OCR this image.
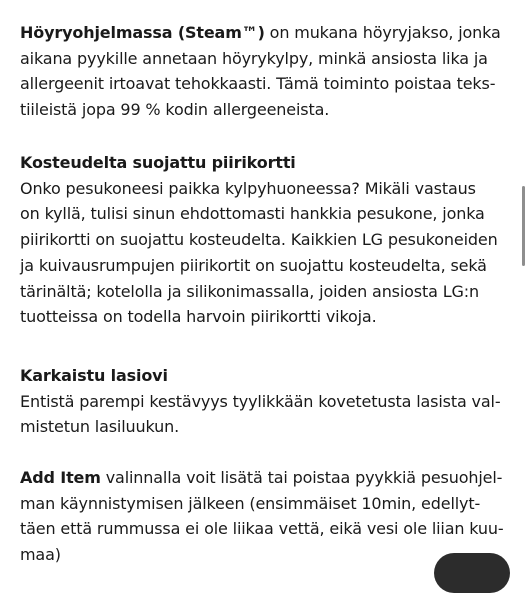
Höyryohjelmassa (Steam™) on mukana höyryjakso, jonka
aikana pyykille annetaan höyrykylpy, minkä ansiosta lika ja
allergeenit irtoavat tehokkaasti. Tämä toiminto poistaa teks-
tiileistä jopa 99 % kodin allergeeneista.

Kosteudelta suojattu piirikortti

Onko pesukoneesi paikka kylpyhuoneessa? Mikäli vastaus
on kyllä, tulisi sinun ehdottomasti hankkia pesukone, jonka
piirikortti on suojattu kosteudelta. Kaikkien LG pesukoneiden
ja kuivausrumpujen piirikortit on suojattu kosteudelta, sekä
tärinältä; kotelolla ja silikonimassalla, joiden ansiosta LG:n
tuotteissa on todella harvoin piirikortti vikoja.

Karkaistu lasiovi

Entistä parempi kestävyys tyylikkään kovetetusta lasista val-
mistetun lasiluukun.

Add Item valinnalla voit lisätä tai poistaa pyykkiä pesuohjel-
man käynnistymisen jälkeen (ensimmäiset 10min, edellyt-
täen että rummussa ei ole liikaa vettä, eikä vesi ole liian kuu-
maa)
